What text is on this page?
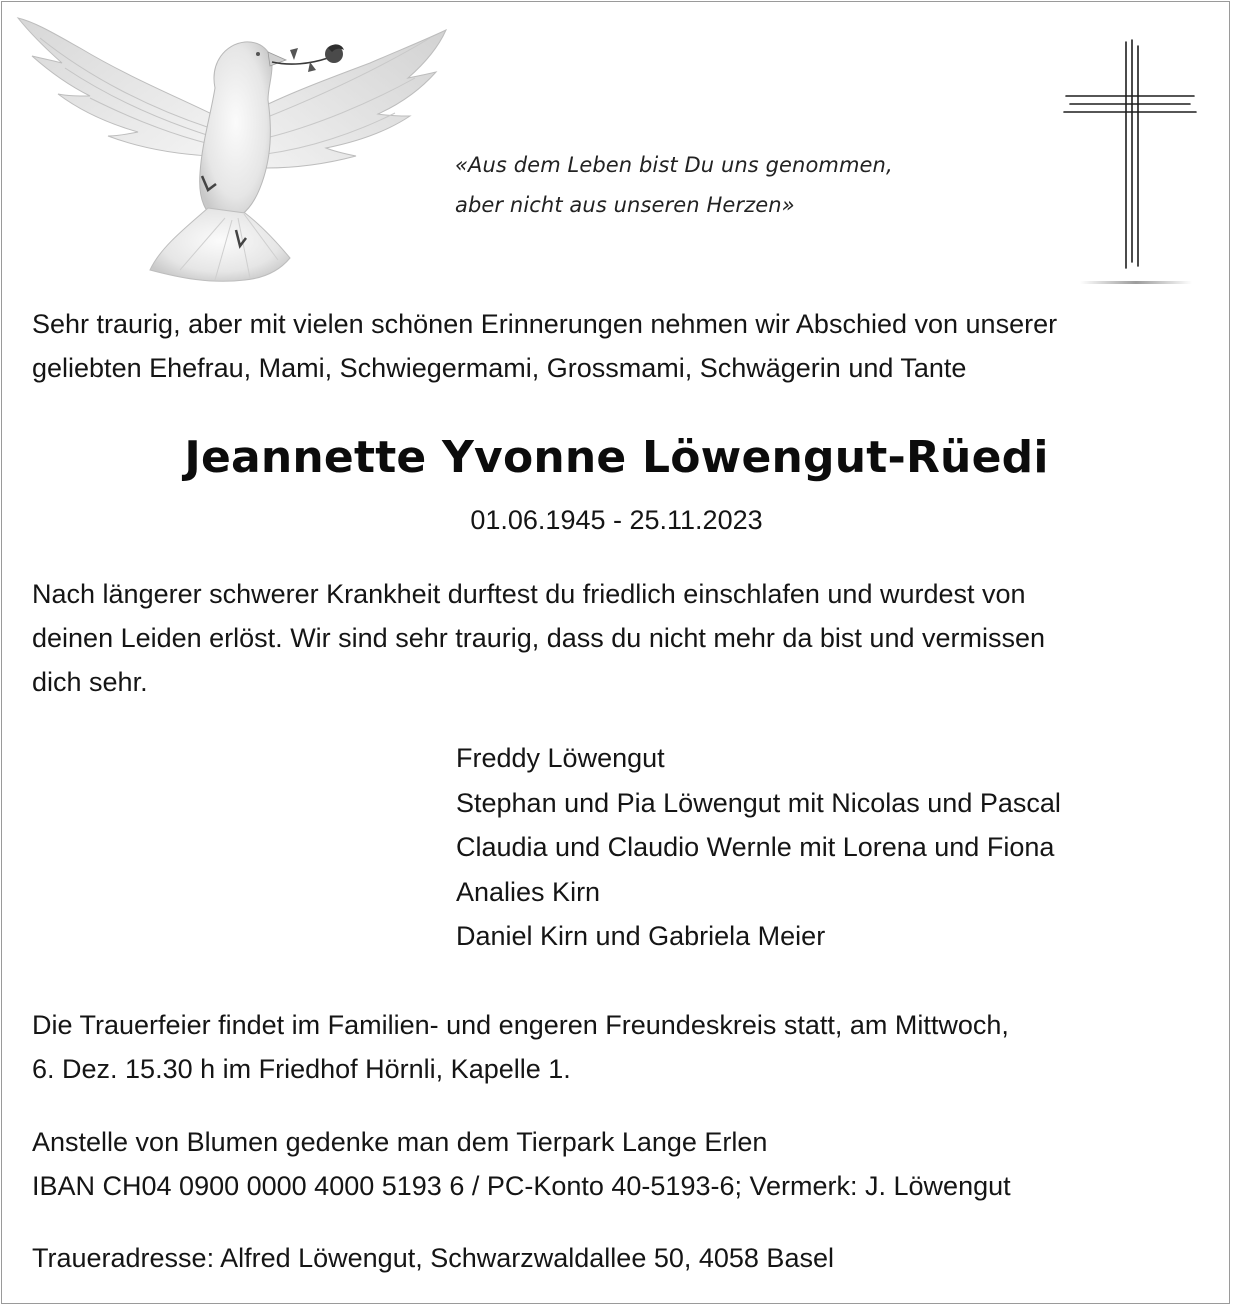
«Aus dem Leben bist Du uns genommen,
aber nicht aus unseren Herzen»
Sehr traurig, aber mit vielen schönen Erinnerungen nehmen wir Abschied von unserer
geliebten Ehefrau, Mami, Schwiegermami, Grossmami, Schwägerin und Tante
Jeannette Yvonne Löwengut-Rüedi
01.06.1945 - 25.11.2023
Nach längerer schwerer Krankheit durftest du friedlich einschlafen und wurdest von
deinen Leiden erlöst. Wir sind sehr traurig, dass du nicht mehr da bist und vermissen
dich sehr.
Freddy Löwengut
Stephan und Pia Löwengut mit Nicolas und Pascal
Claudia und Claudio Wernle mit Lorena und Fiona
Analies Kirn
Daniel Kirn und Gabriela Meier
Die Trauerfeier findet im Familien- und engeren Freundeskreis statt, am Mittwoch,
6. Dez. 15.30 h im Friedhof Hörnli, Kapelle 1.
Anstelle von Blumen gedenke man dem Tierpark Lange Erlen
IBAN CH04 0900 0000 4000 5193 6 / PC-Konto 40-5193-6; Vermerk: J. Löwengut
Traueradresse: Alfred Löwengut, Schwarzwaldallee 50, 4058 Basel
